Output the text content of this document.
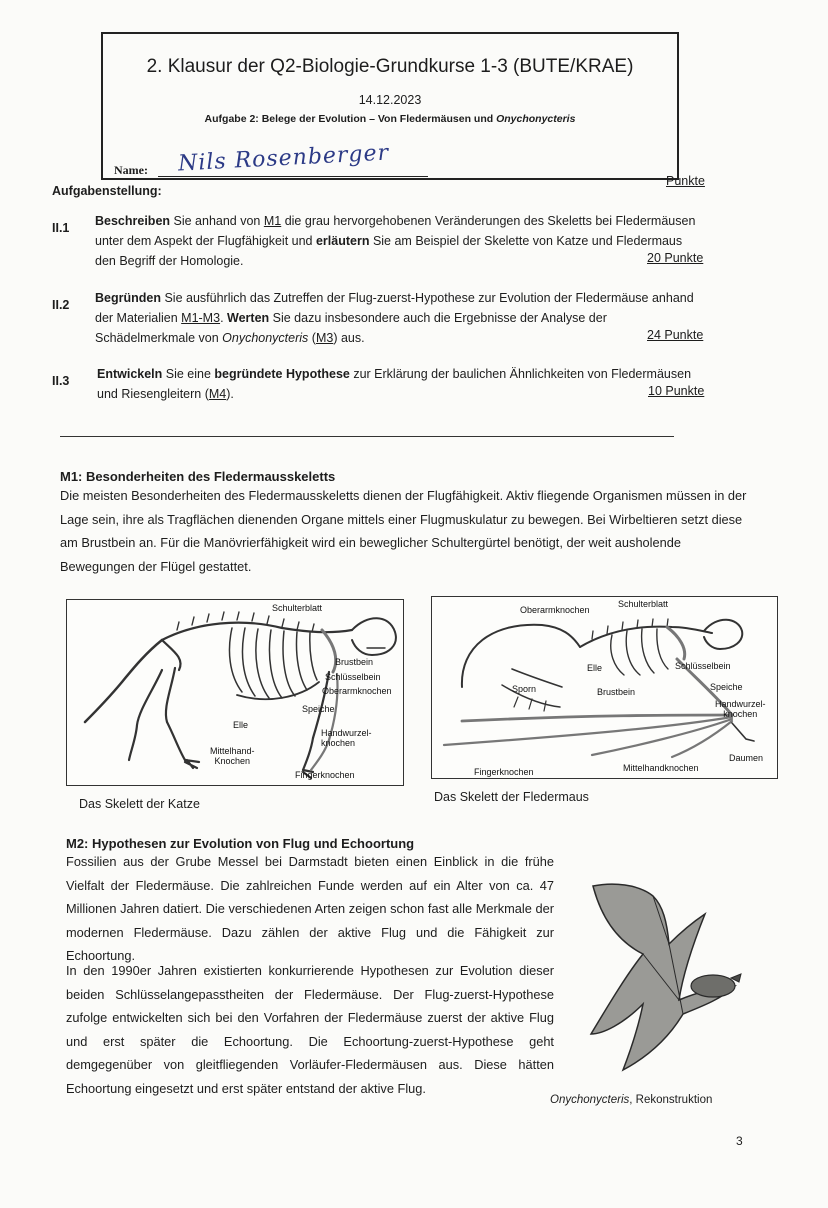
2. Klausur der Q2-Biologie-Grundkurse 1-3 (BUTE/KRAE)
14.12.2023
Aufgabe 2: Belege der Evolution – Von Fledermäusen und Onychonycteris
Name: Nils Rosenberger
Aufgabenstellung:
Punkte
II.1 Beschreiben Sie anhand von M1 die grau hervorgehobenen Veränderungen des Skeletts bei Fledermäusen unter dem Aspekt der Flugfähigkeit und erläutern Sie am Beispiel der Skelette von Katze und Fledermaus den Begriff der Homologie.	20 Punkte
II.2 Begründen Sie ausführlich das Zutreffen der Flug-zuerst-Hypothese zur Evolution der Fledermäuse anhand der Materialien M1-M3. Werten Sie dazu insbesondere auch die Ergebnisse der Analyse der Schädelmerkmale von Onychonycteris (M3) aus.	24 Punkte
II.3 Entwickeln Sie eine begründete Hypothese zur Erklärung der baulichen Ähnlichkeiten von Fledermäusen und Riesengleitern (M4).	10 Punkte
M1: Besonderheiten des Fledermausskeletts
Die meisten Besonderheiten des Fledermausskeletts dienen der Flugfähigkeit. Aktiv fliegende Organismen müssen in der Lage sein, ihre als Tragflächen dienenden Organe mittels einer Flugmuskulatur zu bewegen. Bei Wirbeltieren setzt diese am Brustbein an. Für die Manövrierfähigkeit wird ein beweglicher Schultergürtel benötigt, der weit ausholende Bewegungen der Flügel gestattet.
Schulterblatt
Brustbein
Schlüsselbein
Oberarmknochen
Speiche
Handwurzel-
knochen
Elle
Mittelhand-
Knochen
Fingerknochen
Das Skelett der Katze
Oberarmknochen
Schulterblatt
Elle	Schlüsselbein
Sporn	Brustbein	Speiche
Handwurzel-
knochen
Daumen
Fingerknochen	Mittelhandknochen
Das Skelett der Fledermaus
M2: Hypothesen zur Evolution von Flug und Echoortung
Fossilien aus der Grube Messel bei Darmstadt bieten einen Einblick in die frühe Vielfalt der Fledermäuse. Die zahlreichen Funde werden auf ein Alter von ca. 47 Millionen Jahren datiert. Die verschiedenen Arten zeigen schon fast alle Merkmale der modernen Fledermäuse. Dazu zählen der aktive Flug und die Fähigkeit zur Echoortung.
In den 1990er Jahren existierten konkurrierende Hypothesen zur Evolution dieser beiden Schlüsselangepasstheiten der Fledermäuse. Der Flug-zuerst-Hypothese zufolge entwickelten sich bei den Vorfahren der Fledermäuse zuerst der aktive Flug und erst später die Echoortung. Die Echoortung-zuerst-Hypothese geht demgegenüber von gleitfliegenden Vorläufer-Fledermäusen aus. Diese hätten Echoortung eingesetzt und erst später entstand der aktive Flug.
Onychonycteris, Rekonstruktion
3
